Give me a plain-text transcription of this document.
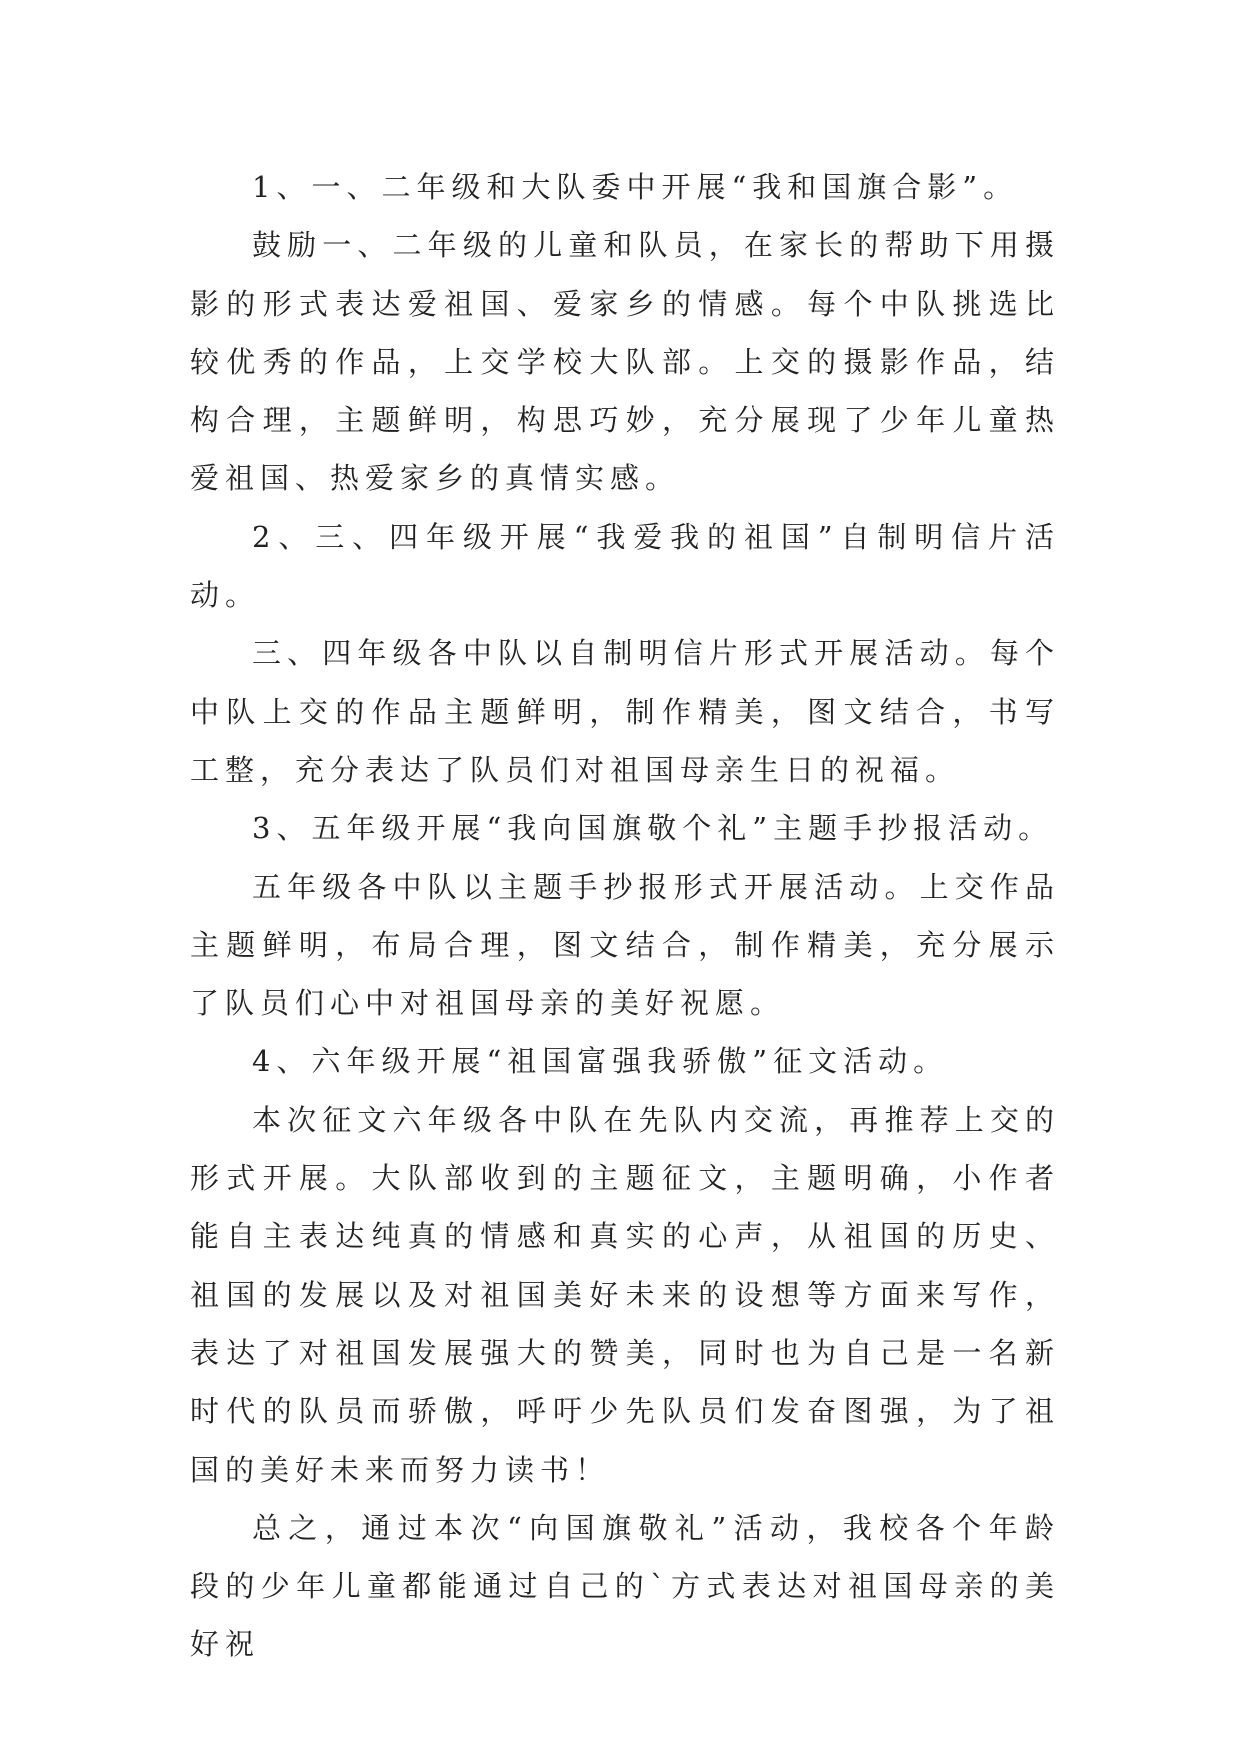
1、一、二年级和大队委中开展“我和国旗合影”。

鼓励一、二年级的儿童和队员，在家长的帮助下用摄影的形式表达爱祖国、爱家乡的情感。每个中队挑选比较优秀的作品，上交学校大队部。上交的摄影作品，结构合理，主题鲜明，构思巧妙，充分展现了少年儿童热爱祖国、热爱家乡的真情实感。

2、三、四年级开展“我爱我的祖国”自制明信片活动。

三、四年级各中队以自制明信片形式开展活动。每个中队上交的作品主题鲜明，制作精美，图文结合，书写工整，充分表达了队员们对祖国母亲生日的祝福。

3、五年级开展“我向国旗敬个礼”主题手抄报活动。

五年级各中队以主题手抄报形式开展活动。上交作品主题鲜明，布局合理，图文结合，制作精美，充分展示了队员们心中对祖国母亲的美好祝愿。

4、六年级开展“祖国富强我骄傲”征文活动。

本次征文六年级各中队在先队内交流，再推荐上交的形式开展。大队部收到的主题征文，主题明确，小作者能自主表达纯真的情感和真实的心声，从祖国的历史、祖国的发展以及对祖国美好未来的设想等方面来写作，表达了对祖国发展强大的赞美，同时也为自己是一名新时代的队员而骄傲，呼吁少先队员们发奋图强，为了祖国的美好未来而努力读书！

总之，通过本次“向国旗敬礼”活动，我校各个年龄段的少年儿童都能通过自己的`方式表达对祖国母亲的美好祝
